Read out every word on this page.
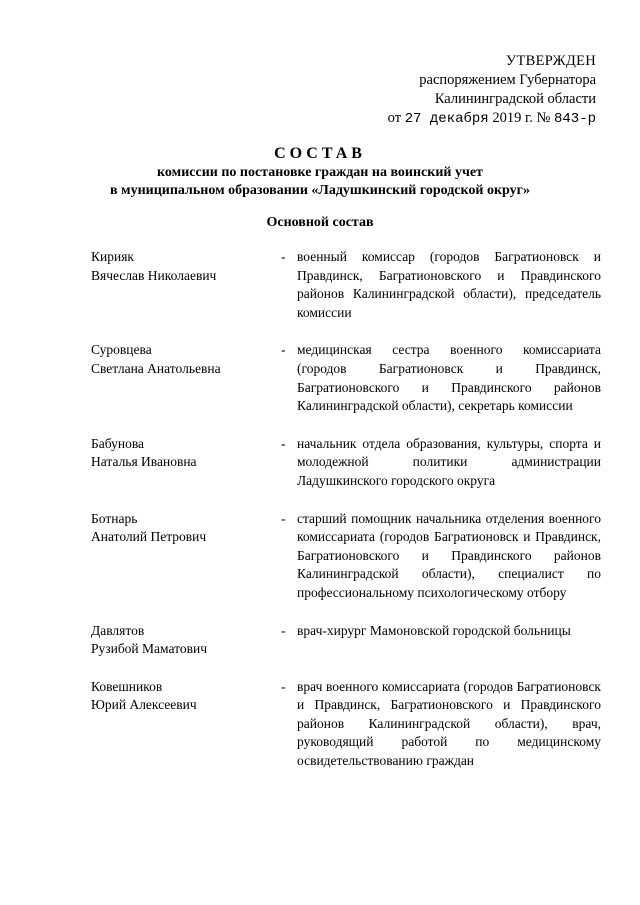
УТВЕРЖДЕН
распоряжением Губернатора
Калининградской области
от 27 декабря 2019 г. № 843-р
СОСТАВ
комиссии по постановке граждан на воинский учет
в муниципальном образовании «Ладушкинский городской округ»
Основной состав
Кирияк
Вячеслав Николаевич
- военный комиссар (городов Багратионовск и Правдинск, Багратионовского и Правдинского районов Калининградской области), председатель комиссии
Суровцева
Светлана Анатольевна
- медицинская сестра военного комиссариата (городов Багратионовск и Правдинск, Багратионовского и Правдинского районов Калининградской области), секретарь комиссии
Бабунова
Наталья Ивановна
- начальник отдела образования, культуры, спорта и молодежной политики администрации Ладушкинского городского округа
Ботнарь
Анатолий Петрович
- старший помощник начальника отделения военного комиссариата (городов Багратионовск и Правдинск, Багратионовского и Правдинского районов Калининградской области), специалист по профессиональному психологическому отбору
Давлятов
Рузибой Маматович
- врач-хирург Мамоновской городской больницы
Ковешников
Юрий Алексеевич
- врач военного комиссариата (городов Багратионовск и Правдинск, Багратионовского и Правдинского районов Калининградской области), врач, руководящий работой по медицинскому освидетельствованию граждан
